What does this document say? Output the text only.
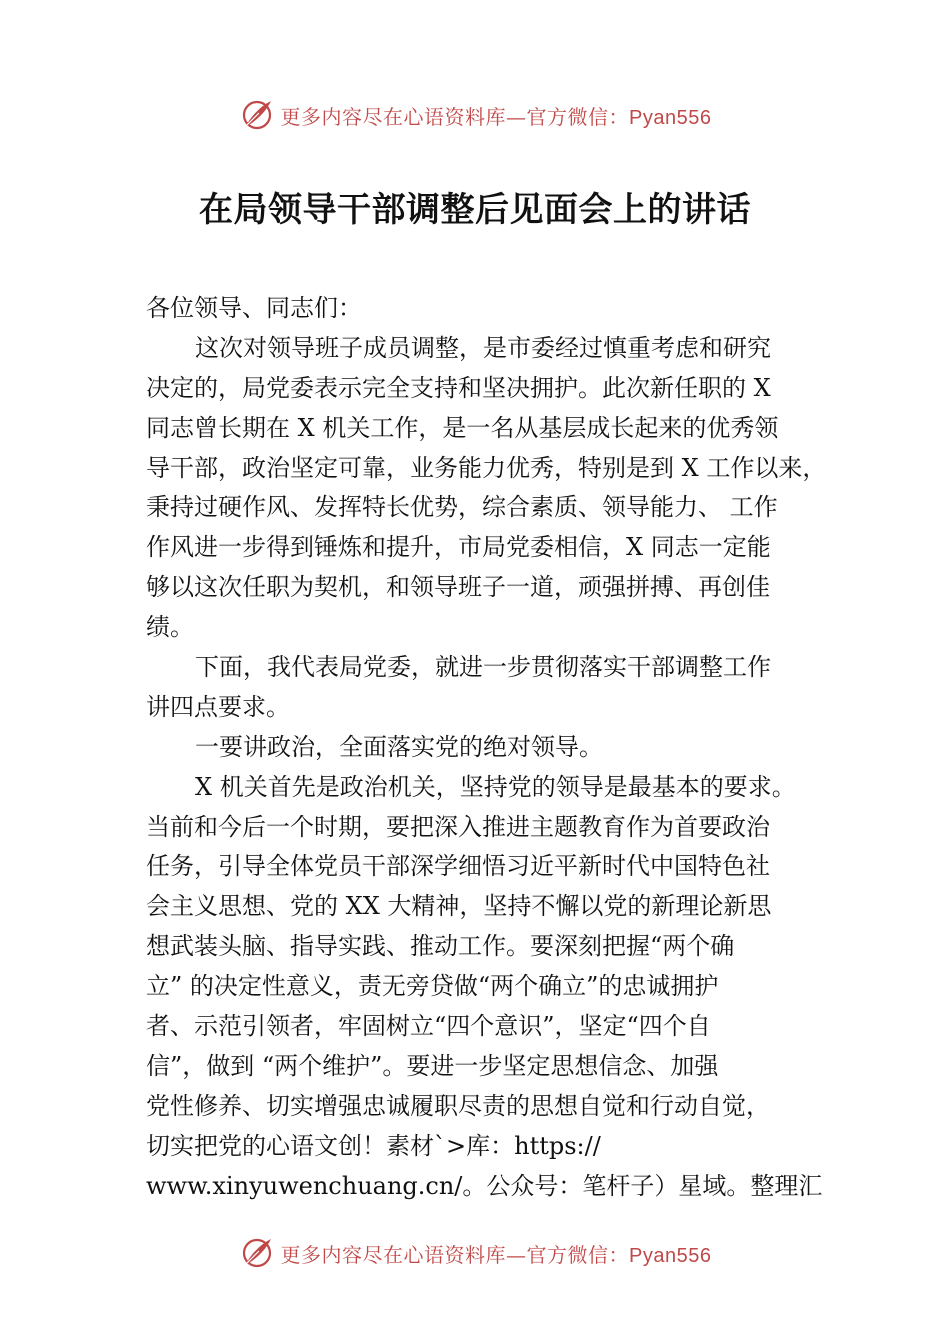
更多内容尽在心语资料库—官方微信：Pyan556
在局领导干部调整后见面会上的讲话
各位领导、同志们：
这次对领导班子成员调整，是市委经过慎重考虑和研究
决定的，局党委表示完全支持和坚决拥护。此次新任职的 X
同志曾长期在 X 机关工作，是一名从基层成长起来的优秀领
导干部，政治坚定可靠，业务能力优秀，特别是到 X 工作以来，
秉持过硬作风、发挥特长优势，综合素质、领导能力、 工作
作风进一步得到锤炼和提升，市局党委相信，X 同志一定能
够以这次任职为契机，和领导班子一道，顽强拼搏、再创佳
绩。
下面，我代表局党委，就进一步贯彻落实干部调整工作
讲四点要求。
一要讲政治，全面落实党的绝对领导。
X 机关首先是政治机关，坚持党的领导是最基本的要求。
当前和今后一个时期，要把深入推进主题教育作为首要政治
任务，引导全体党员干部深学细悟习近平新时代中国特色社
会主义思想、党的 XX 大精神，坚持不懈以党的新理论新思
想武装头脑、指导实践、推动工作。要深刻把握“两个确
立” 的决定性意义，责无旁贷做“两个确立”的忠诚拥护
者、示范引领者，牢固树立“四个意识”，坚定“四个自
信”，做到 “两个维护”。要进一步坚定思想信念、加强
党性修养、切实增强忠诚履职尽责的思想自觉和行动自觉，
切实把党的心语文创！素材`>库：https://
www.xinyuwenchuang.cn/。公众号：笔杆子）星域。整理汇
更多内容尽在心语资料库—官方微信：Pyan556
